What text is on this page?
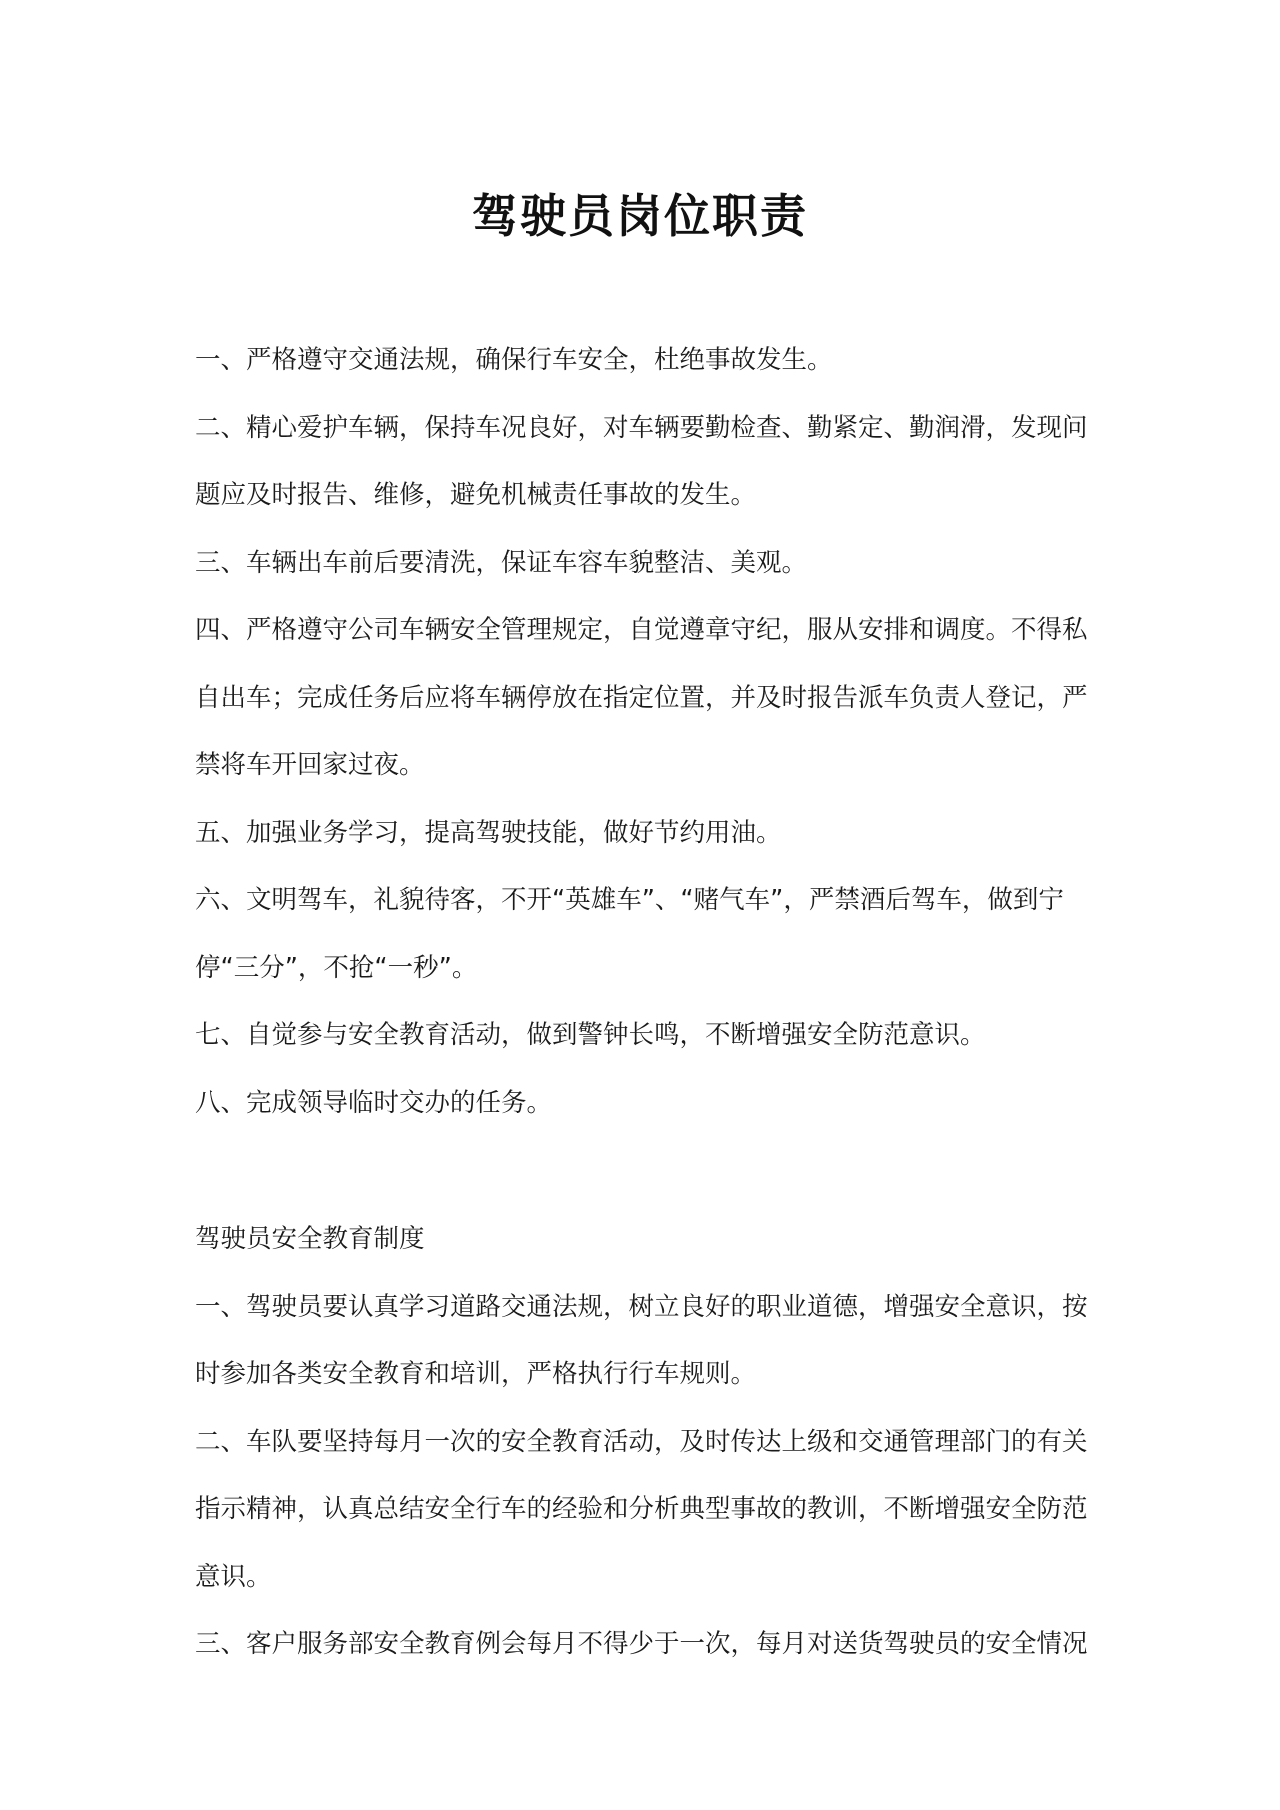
驾驶员岗位职责
一、严格遵守交通法规，确保行车安全，杜绝事故发生。
二、精心爱护车辆，保持车况良好，对车辆要勤检查、勤紧定、勤润滑，发现问
题应及时报告、维修，避免机械责任事故的发生。
三、车辆出车前后要清洗，保证车容车貌整洁、美观。
四、严格遵守公司车辆安全管理规定，自觉遵章守纪，服从安排和调度。不得私
自出车；完成任务后应将车辆停放在指定位置，并及时报告派车负责人登记，严
禁将车开回家过夜。
五、加强业务学习，提高驾驶技能，做好节约用油。
六、文明驾车，礼貌待客，不开“英雄车”、“赌气车”，严禁酒后驾车，做到宁
停“三分”，不抢“一秒”。
七、自觉参与安全教育活动，做到警钟长鸣，不断增强安全防范意识。
八、完成领导临时交办的任务。
驾驶员安全教育制度
一、驾驶员要认真学习道路交通法规，树立良好的职业道德，增强安全意识，按
时参加各类安全教育和培训，严格执行行车规则。
二、车队要坚持每月一次的安全教育活动，及时传达上级和交通管理部门的有关
指示精神，认真总结安全行车的经验和分析典型事故的教训，不断增强安全防范
意识。
三、客户服务部安全教育例会每月不得少于一次，每月对送货驾驶员的安全情况
